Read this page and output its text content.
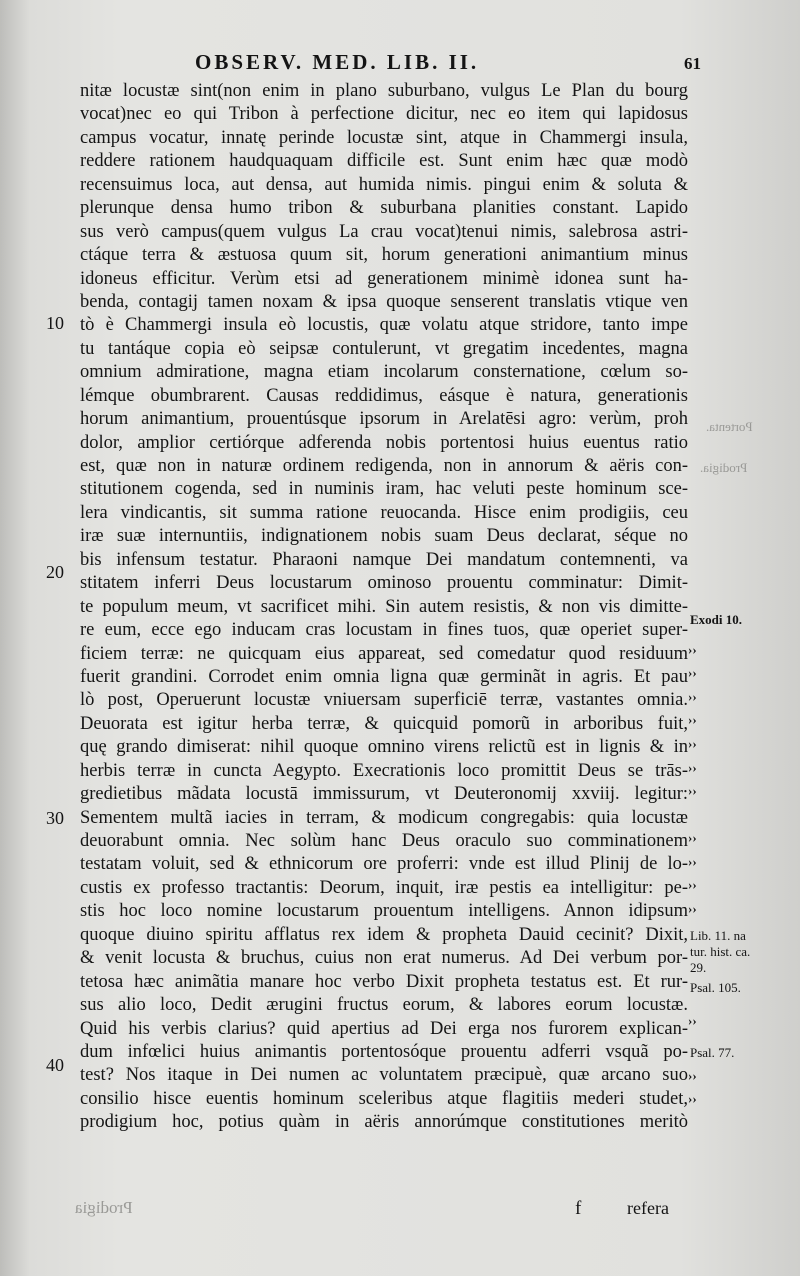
OBSERV. MED. LIB. II.	61
nitæ locustæ sint(non enim in plano suburbano, vulgus Le Plan du bourg
vocat)nec eo qui Tribon à perfectione dicitur, nec eo item qui lapidosus
campus vocatur, innatę perinde locustæ sint, atque in Chammergi insula,
reddere rationem haudquaquam difficile est. Sunt enim hæc quæ modò
recensuimus loca, aut densa, aut humida nimis. pingui enim & soluta &
plerunque densa humo tribon & suburbana planities constant. Lapido
sus verò campus(quem vulgus La crau vocat)tenui nimis, salebrosa astri-
ctáque terra & æstuosa quum sit, horum generationi animantium minus
idoneus efficitur. Verùm etsi ad generationem minimè idonea sunt ha-
benda, contagij tamen noxam & ipsa quoque senserent translatis vtique ven
tò è Chammergi insula eò locustis, quæ volatu atque stridore, tanto impe
tu tantáque copia eò seipsæ contulerunt, vt gregatim incedentes, magna
omnium admiratione, magna etiam incolarum consternatione, cœlum so-
lémque obumbrarent. Causas reddidimus, eásque è natura, generationis
horum animantium, prouentúsque ipsorum in Arelatēsi agro: verùm, proh
dolor, amplior certiórque adferenda nobis portentosi huius euentus ratio
est, quæ non in naturæ ordinem redigenda, non in annorum & aëris con-
stitutionem cogenda, sed in numinis iram, hac veluti peste hominum sce-
lera vindicantis, sit summa ratione reuocanda. Hisce enim prodigiis, ceu
iræ suæ internuntiis, indignationem nobis suam Deus declarat, séque no
bis infensum testatur. Pharaoni namque Dei mandatum contemnenti, va
stitatem inferri Deus locustarum ominoso prouentu comminatur: Dimit-
te populum meum, vt sacrificet mihi. Sin autem resistis, & non vis dimitte-
re eum, ecce ego inducam cras locustam in fines tuos, quæ operiet super-
ficiem terræ: ne quicquam eius appareat, sed comedatur quod residuum
fuerit grandini. Corrodet enim omnia ligna quæ germinãt in agris. Et pau
lò post, Operuerunt locustæ vniuersam superficiē terræ, vastantes omnia.
Deuorata est igitur herba terræ, & quicquid pomorũ in arboribus fuit,
quę grando dimiserat: nihil quoque omnino virens relictũ est in lignis & in
herbis terræ in cuncta Aegypto. Execrationis loco promittit Deus se trās-
gredietibus mãdata locustā immissurum, vt Deuteronomij xxviij. legitur:
Sementem multã iacies in terram, & modicum congregabis: quia locustæ
deuorabunt omnia. Nec solùm hanc Deus oraculo suo comminationem
testatam voluit, sed & ethnicorum ore proferri: vnde est illud Plinij de lo-
custis ex professo tractantis: Deorum, inquit, iræ pestis ea intelligitur: pe-
stis hoc loco nomine locustarum prouentum intelligens. Annon idipsum
quoque diuino spiritu afflatus rex idem & propheta Dauid cecinit? Dixit,
& venit locusta & bruchus, cuius non erat numerus. Ad Dei verbum por-
tetosa hæc animãtia manare hoc verbo Dixit propheta testatus est. Et rur-
sus alio loco, Dedit ærugini fructus eorum, & labores eorum locustæ.
Quid his verbis clarius? quid apertius ad Dei erga nos furorem explican-
dum infœlici huius animantis portentosóque prouentu adferri vsquã po-
test? Nos itaque in Dei numen ac voluntatem præcipuè, quæ arcano suo
consilio hisce euentis hominum sceleribus atque flagitiis mederi studet,
prodigium hoc, potius quàm in aëris annorúmque constitutiones meritò
10
20
30
40
Portenta.
Prodigia.
Exodi 10.
››
››
››
››
››
››
››
››
››
››
››
››
››
››
Lib. 11. na
tur. hist. ca.
29.
Psal. 105.
Psal. 77.
Prodigia	f	refera
